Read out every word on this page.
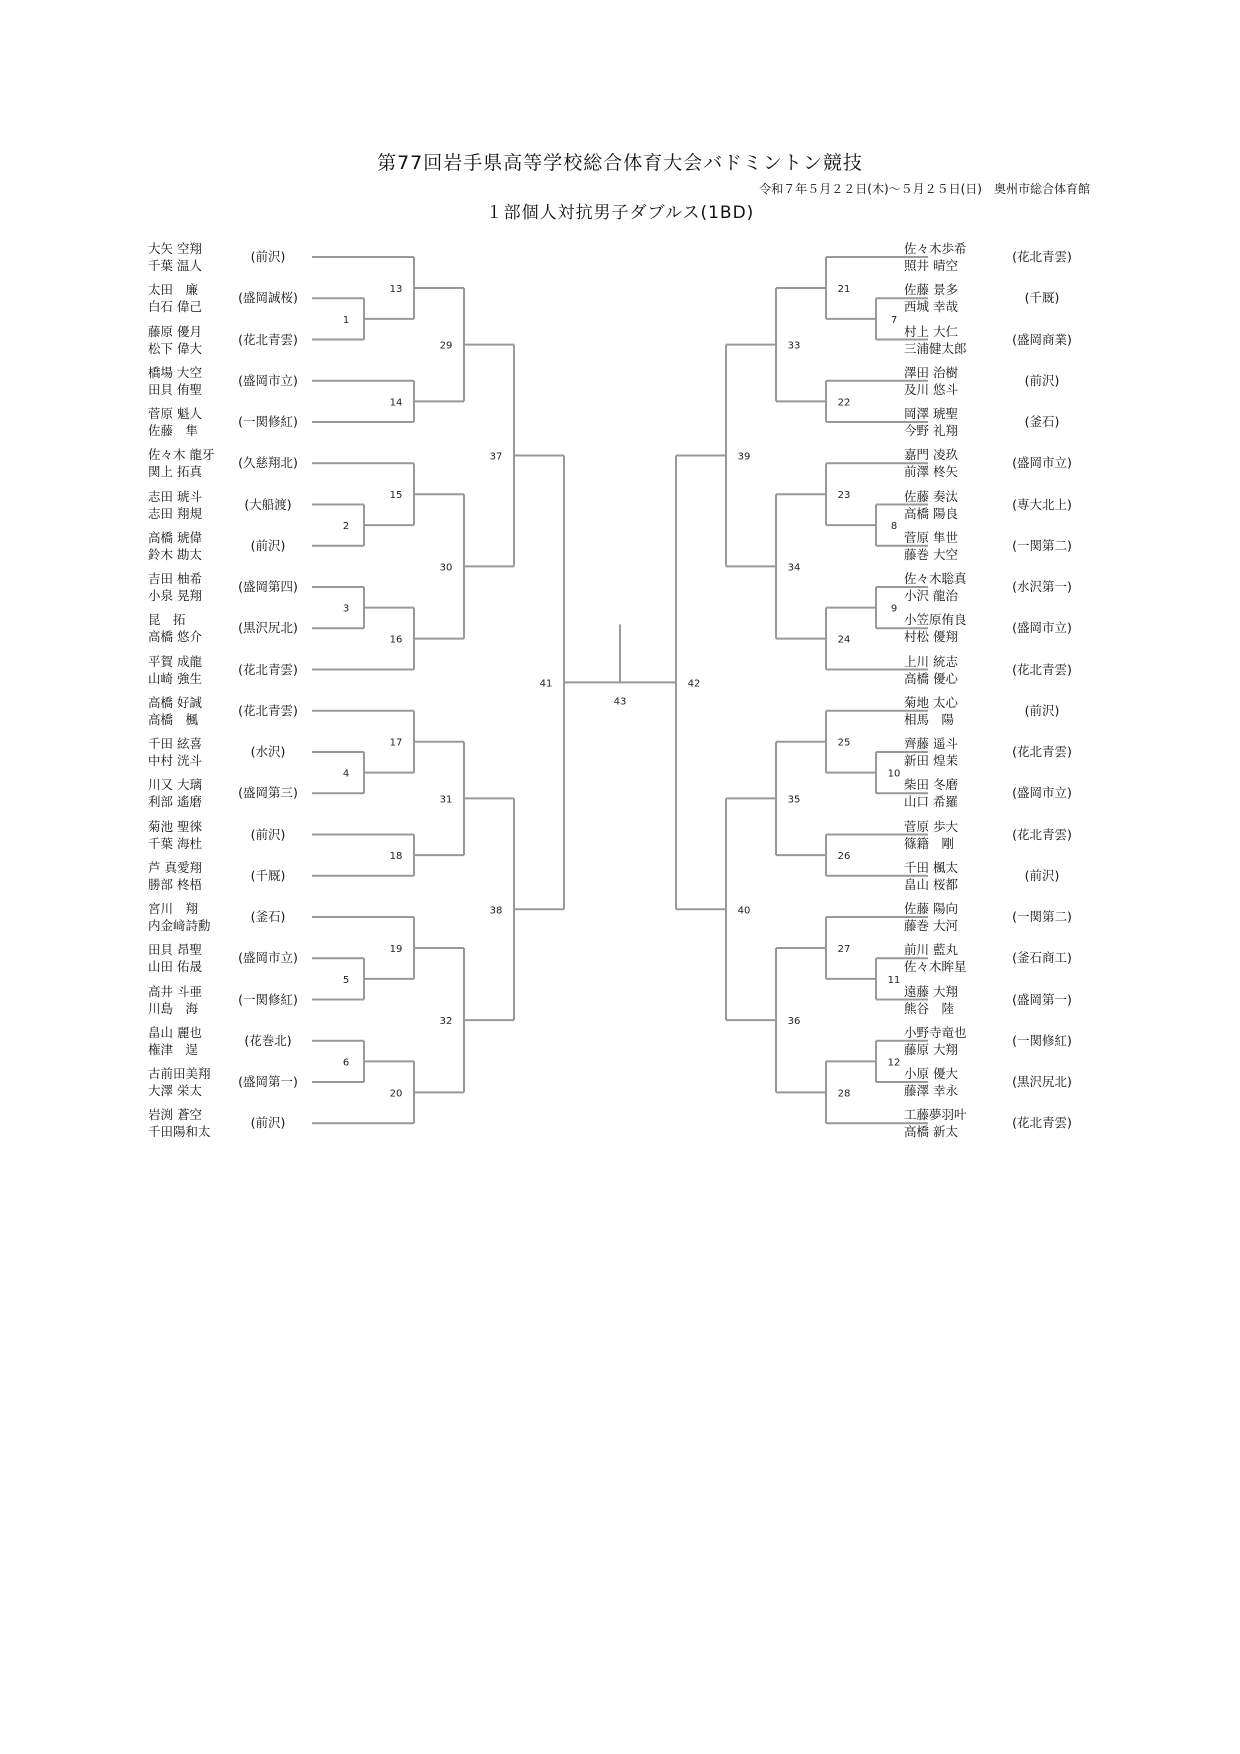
第77回岩手県高等学校総合体育大会バドミントン競技
令和７年５月２２日(木)～５月２５日(日)　奥州市総合体育館
１部個人対抗男子ダブルス(1BD)
大矢 空翔
千葉 温人
(前沢)
太田　廉
白石 偉己
(盛岡誠桜)
藤原 優月
松下 偉大
(花北青雲)
橋場 大空
田貝 侑聖
(盛岡市立)
菅原 魁人
佐藤　隼
(一関修紅)
佐々木 龍牙
関上 拓真
(久慈翔北)
志田 琥斗
志田 翔規
(大船渡)
高橋 琥偉
鈴木 勘太
(前沢)
吉田 柚希
小泉 晃翔
(盛岡第四)
昆　拓
高橋 悠介
(黒沢尻北)
平賀 成龍
山崎 強生
(花北青雲)
高橋 好誠
高橋　楓
(花北青雲)
千田 絃喜
中村 洸斗
(水沢)
川又 大璃
利部 遙磨
(盛岡第三)
菊池 聖徠
千葉 海杜
(前沢)
芦 真愛翔
勝部 柊梧
(千厩)
宮川　翔
内金﨑詩勳
(釜石)
田貝 昂聖
山田 佑晟
(盛岡市立)
高井 斗亜
川島　海
(一関修紅)
畠山 麗也
権津　逞
(花巻北)
古前田美翔
大澤 栄太
(盛岡第一)
岩渕 蒼空
千田陽和太
(前沢)
佐々木歩希
照井 晴空
(花北青雲)
佐藤 景多
西城 幸哉
(千厩)
村上 大仁
三浦健太郎
(盛岡商業)
澤田 治樹
及川 悠斗
(前沢)
岡澤 琥聖
今野 礼翔
(釜石)
嘉門 凌玖
前澤 柊矢
(盛岡市立)
佐藤 奏汰
高橋 陽良
(専大北上)
菅原 隼世
藤巻 大空
(一関第二)
佐々木聡真
小沢 龍治
(水沢第一)
小笠原侑良
村松 優翔
(盛岡市立)
上川 統志
高橋 優心
(花北青雲)
菊地 太心
相馬　陽
(前沢)
齊藤 遥斗
新田 煌茉
(花北青雲)
柴田 冬磨
山口 希羅
(盛岡市立)
菅原 歩大
篠籍　剛
(花北青雲)
千田 楓太
畠山 桜都
(前沢)
佐藤 陽向
藤巻 大河
(一関第二)
前川 藍丸
佐々木眸星
(釜石商工)
遠藤 大翔
熊谷　陸
(盛岡第一)
小野寺竜也
藤原 大翔
(一関修紅)
小原 優大
藤澤 幸永
(黒沢尻北)
工藤夢羽叶
高橋 新太
(花北青雲)
1
2
3
13
14
15
16
29
30
37
4
5
6
17
18
19
20
31
32
38
41
7
8
9
21
22
23
24
33
34
39
10
11
12
25
26
27
28
35
36
40
42
43
